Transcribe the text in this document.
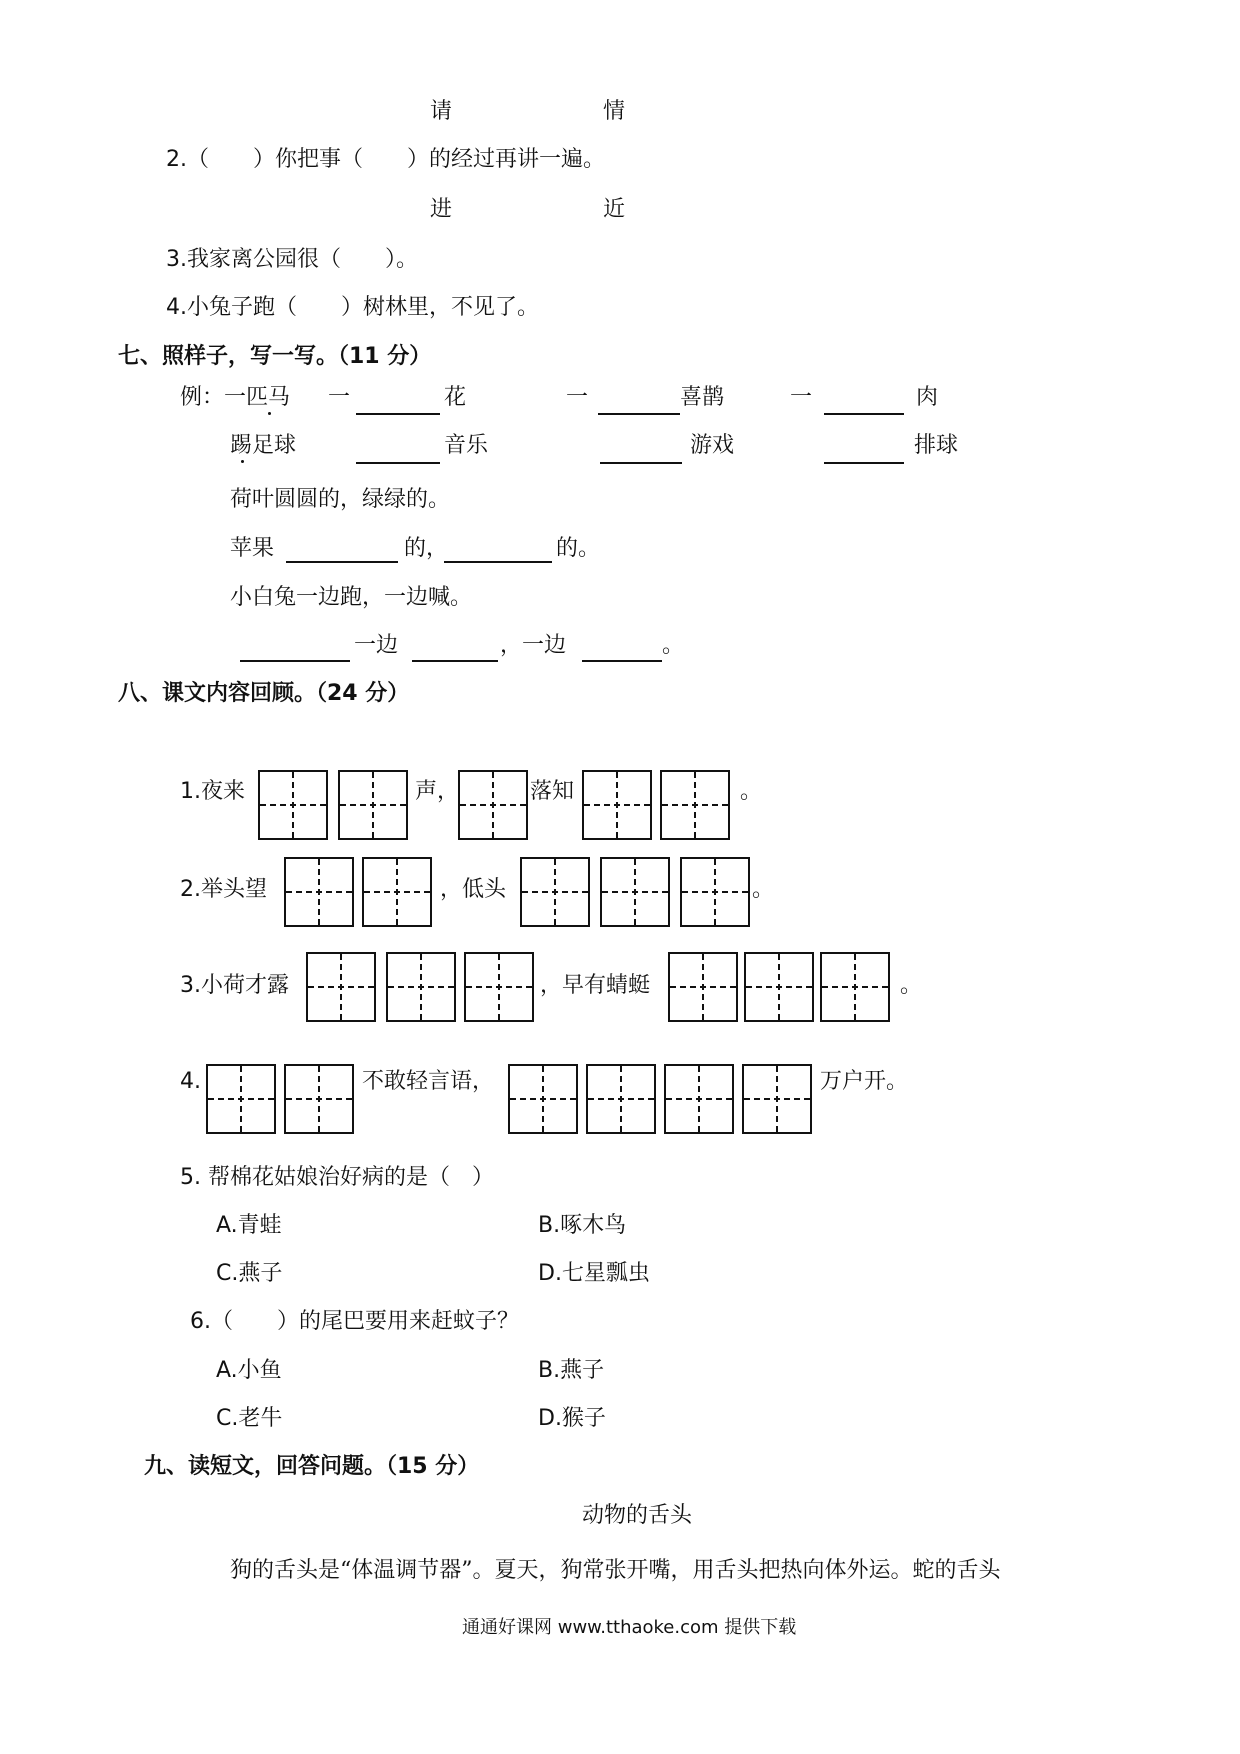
请	情
2.（　　）你把事（　　）的经过再讲一遍。
进	近
3.我家离公园很（　　）。
4.小兔子跑（　　）树林里，不见了。
七、照样子，写一写。（11 分）
例：一匹马 一	花	一	喜鹊	一	肉
踢足球	音乐	游戏	排球
荷叶圆圆的，绿绿的。
苹果	的，	的。
小白兔一边跑，一边喊。
一边	，一边	。
八、课文内容回顾。（24 分）
1.夜来	声，	落知	。
2.举头望	，低头	。
3.小荷才露	，早有蜻蜓	。
4.	不敢轻言语，	万户开。
5. 帮棉花姑娘治好病的是（　）
A.青蛙	B.啄木鸟
C.燕子	D.七星瓢虫
6.（　　）的尾巴要用来赶蚊子？
A.小鱼	B.燕子
C.老牛	D.猴子
九、读短文，回答问题。（15 分）
动物的舌头
狗的舌头是“体温调节器”。夏天，狗常张开嘴，用舌头把热向体外运。蛇的舌头
通通好课网 www.tthaoke.com 提供下载
